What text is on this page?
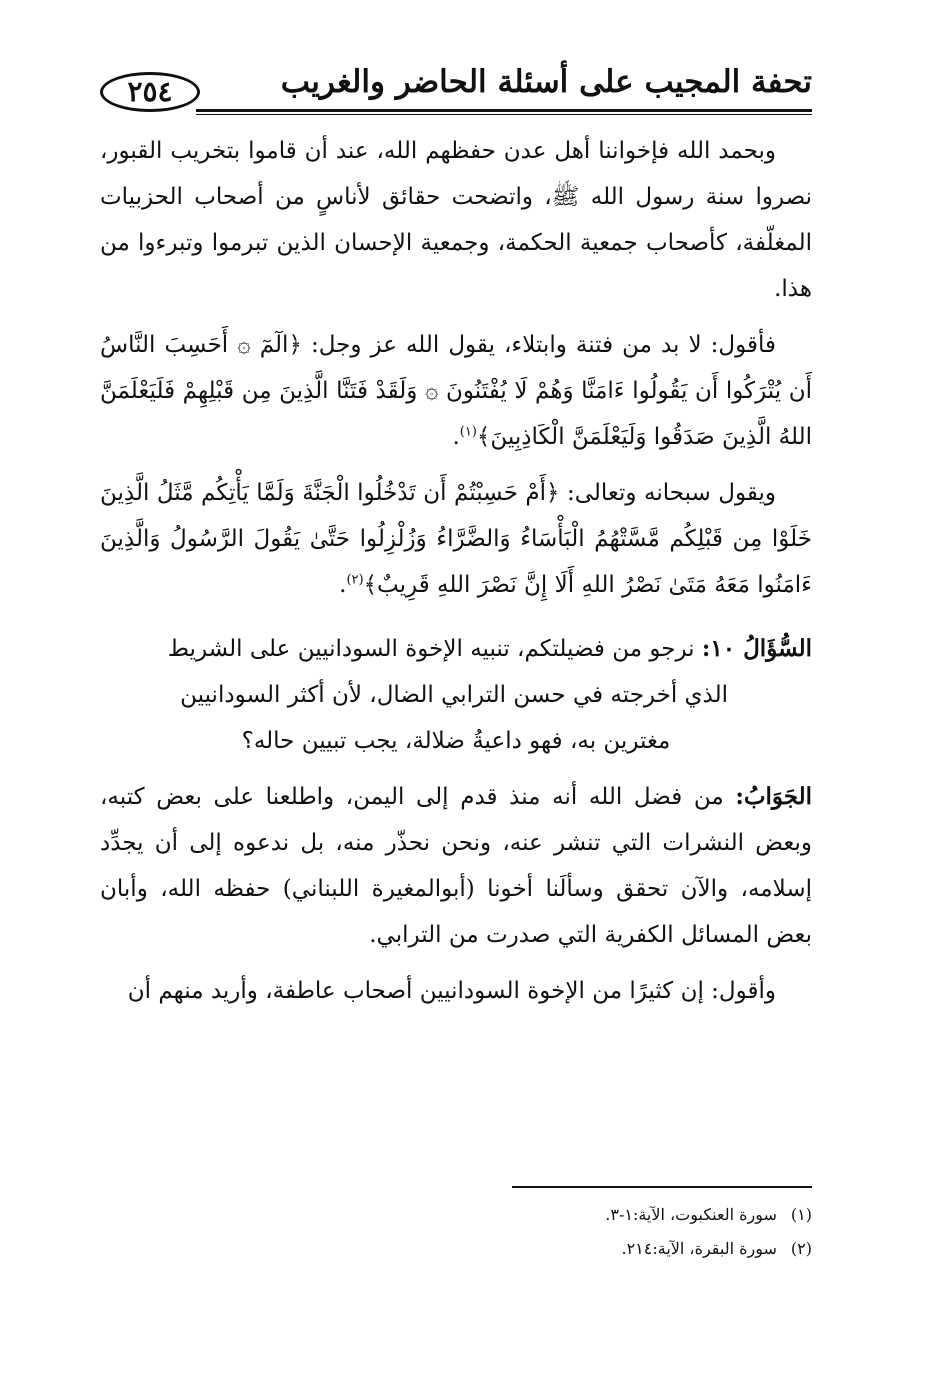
تحفة المجيب على أسئلة الحاضر والغريب
٢٥٤

وبحمد الله فإخواننا أهل عدن حفظهم الله، عند أن قاموا بتخريب القبور، نصروا سنة رسول الله ﷺ، واتضحت حقائق لأناسٍ من أصحاب الحزبيات المغلّفة، كأصحاب جمعية الحكمة، وجمعية الإحسان الذين تبرموا وتبرءوا من هذا.

فأقول: لا بد من فتنة وابتلاء، يقول الله عز وجل: ﴿الٓمٓ ۞ أَحَسِبَ النَّاسُ أَن يُتْرَكُوا أَن يَقُولُوا ءَامَنَّا وَهُمْ لَا يُفْتَنُونَ ۞ وَلَقَدْ فَتَنَّا الَّذِينَ مِن قَبْلِهِمْ فَلَيَعْلَمَنَّ اللهُ الَّذِينَ صَدَقُوا وَلَيَعْلَمَنَّ الْكَاذِبِينَ﴾$^{(١)}$.

ويقول سبحانه وتعالى: ﴿أَمْ حَسِبْتُمْ أَن تَدْخُلُوا الْجَنَّةَ وَلَمَّا يَأْتِكُم مَّثَلُ الَّذِينَ خَلَوْا مِن قَبْلِكُم مَّسَّتْهُمُ الْبَأْسَاءُ وَالضَّرَّاءُ وَزُلْزِلُوا حَتَّىٰ يَقُولَ الرَّسُولُ وَالَّذِينَ ءَامَنُوا مَعَهُ مَتَىٰ نَصْرُ اللهِ أَلَا إِنَّ نَصْرَ اللهِ قَرِيبٌ﴾$^{(٢)}$.

السُّؤَالُ ١٠: نرجو من فضيلتكم، تنبيه الإخوة السودانيين على الشريط
الذي أخرجته في حسن الترابي الضال، لأن أكثر السودانيين
مغترين به، فهو داعيةُ ضلالة، يجب تبيين حاله؟

الجَوَابُ: من فضل الله أنه منذ قدم إلى اليمن، واطلعنا على بعض كتبه، وبعض النشرات التي تنشر عنه، ونحن نحذّر منه، بل ندعوه إلى أن يجدِّد إسلامه، والآن تحقق وسألَنا أخونا (أبوالمغيرة اللبناني) حفظه الله، وأبان بعض المسائل الكفرية التي صدرت من الترابي.

وأقول: إن كثيرًا من الإخوة السودانيين أصحاب عاطفة، وأريد منهم أن

(١)سورة العنكبوت، الآية:١-٣.
(٢)سورة البقرة، الآية:٢١٤.
